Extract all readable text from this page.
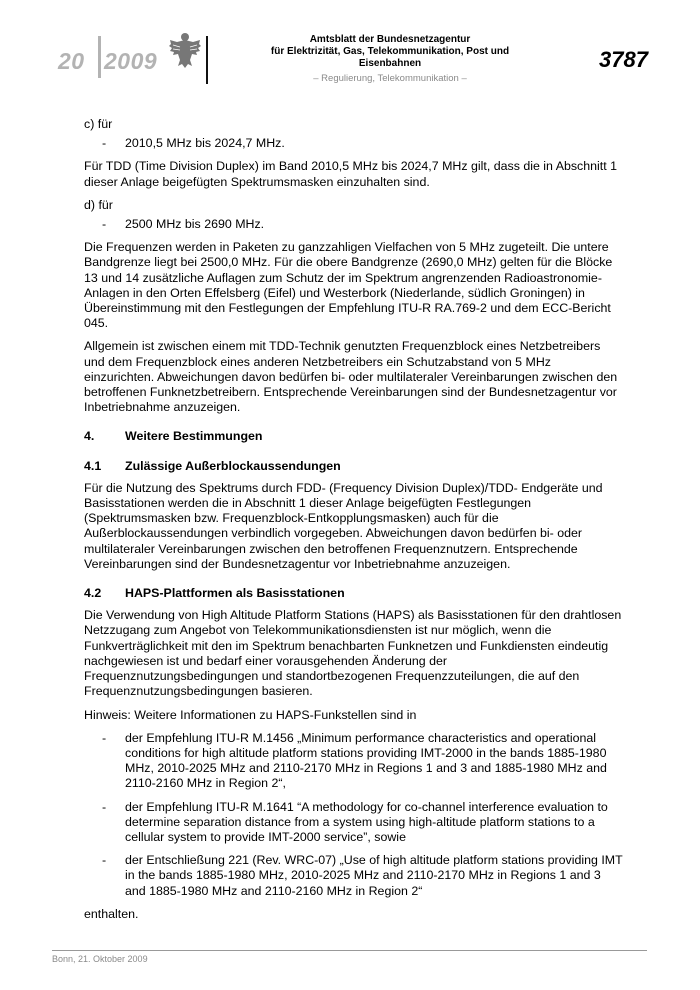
20 2009
Amtsblatt der Bundesnetzagentur
für Elektrizität, Gas, Telekommunikation, Post und Eisenbahnen
– Regulierung, Telekommunikation –
3787

c) für

- 2010,5 MHz bis 2024,7 MHz.

Für TDD (Time Division Duplex) im Band 2010,5 MHz bis 2024,7 MHz gilt, dass die in Abschnitt 1 dieser Anlage beigefügten Spektrumsmasken einzuhalten sind.

d) für

- 2500 MHz bis 2690 MHz.

Die Frequenzen werden in Paketen zu ganzzahligen Vielfachen von 5 MHz zugeteilt. Die untere Bandgrenze liegt bei 2500,0 MHz. Für die obere Bandgrenze (2690,0 MHz) gelten für die Blöcke 13 und 14 zusätzliche Auflagen zum Schutz der im Spektrum angrenzenden Radioastronomie-Anlagen in den Orten Effelsberg (Eifel) und Westerbork (Niederlande, südlich Groningen) in Übereinstimmung mit den Festlegungen der Empfehlung ITU-R RA.769-2 und dem ECC-Bericht 045.

Allgemein ist zwischen einem mit TDD-Technik genutzten Frequenzblock eines Netzbetreibers und dem Frequenzblock eines anderen Netzbetreibers ein Schutzabstand von 5 MHz einzurichten. Abweichungen davon bedürfen bi- oder multilateraler Vereinbarungen zwischen den betroffenen Funknetzbetreibern. Entsprechende Vereinbarungen sind der Bundesnetzagentur vor Inbetriebnahme anzuzeigen.

4. Weitere Bestimmungen
4.1 Zulässige Außerblockaussendungen

Für die Nutzung des Spektrums durch FDD- (Frequency Division Duplex)/TDD- Endgeräte und Basisstationen werden die in Abschnitt 1 dieser Anlage beigefügten Festlegungen (Spektrumsmasken bzw. Frequenzblock-Entkopplungsmasken) auch für die Außerblockaussendungen verbindlich vorgegeben. Abweichungen davon bedürfen bi- oder multilateraler Vereinbarungen zwischen den betroffenen Frequenznutzern. Entsprechende Vereinbarungen sind der Bundesnetzagentur vor Inbetriebnahme anzuzeigen.

4.2 HAPS-Plattformen als Basisstationen

Die Verwendung von High Altitude Platform Stations (HAPS) als Basisstationen für den drahtlosen Netzzugang zum Angebot von Telekommunikationsdiensten ist nur möglich, wenn die Funkverträglichkeit mit den im Spektrum benachbarten Funknetzen und Funkdiensten eindeutig nachgewiesen ist und bedarf einer vorausgehenden Änderung der Frequenznutzungsbedingungen und standortbezogenen Frequenzzuteilungen, die auf den Frequenznutzungsbedingungen basieren.

Hinweis: Weitere Informationen zu HAPS-Funkstellen sind in

- der Empfehlung ITU-R M.1456 „Minimum performance characteristics and operational conditions for high altitude platform stations providing IMT-2000 in the bands 1885-1980 MHz, 2010-2025 MHz and 2110-2170 MHz in Regions 1 and 3 and 1885-1980 MHz and 2110-2160 MHz in Region 2“,
- der Empfehlung ITU-R M.1641 “A methodology for co-channel interference evaluation to determine separation distance from a system using high-altitude platform stations to a cellular system to provide IMT-2000 service”, sowie
- der Entschließung 221 (Rev. WRC-07) „Use of high altitude platform stations providing IMT in the bands 1885-1980 MHz, 2010-2025 MHz and 2110-2170 MHz in Regions 1 and 3 and 1885-1980 MHz and 2110-2160 MHz in Region 2“

enthalten.

Bonn, 21. Oktober 2009
